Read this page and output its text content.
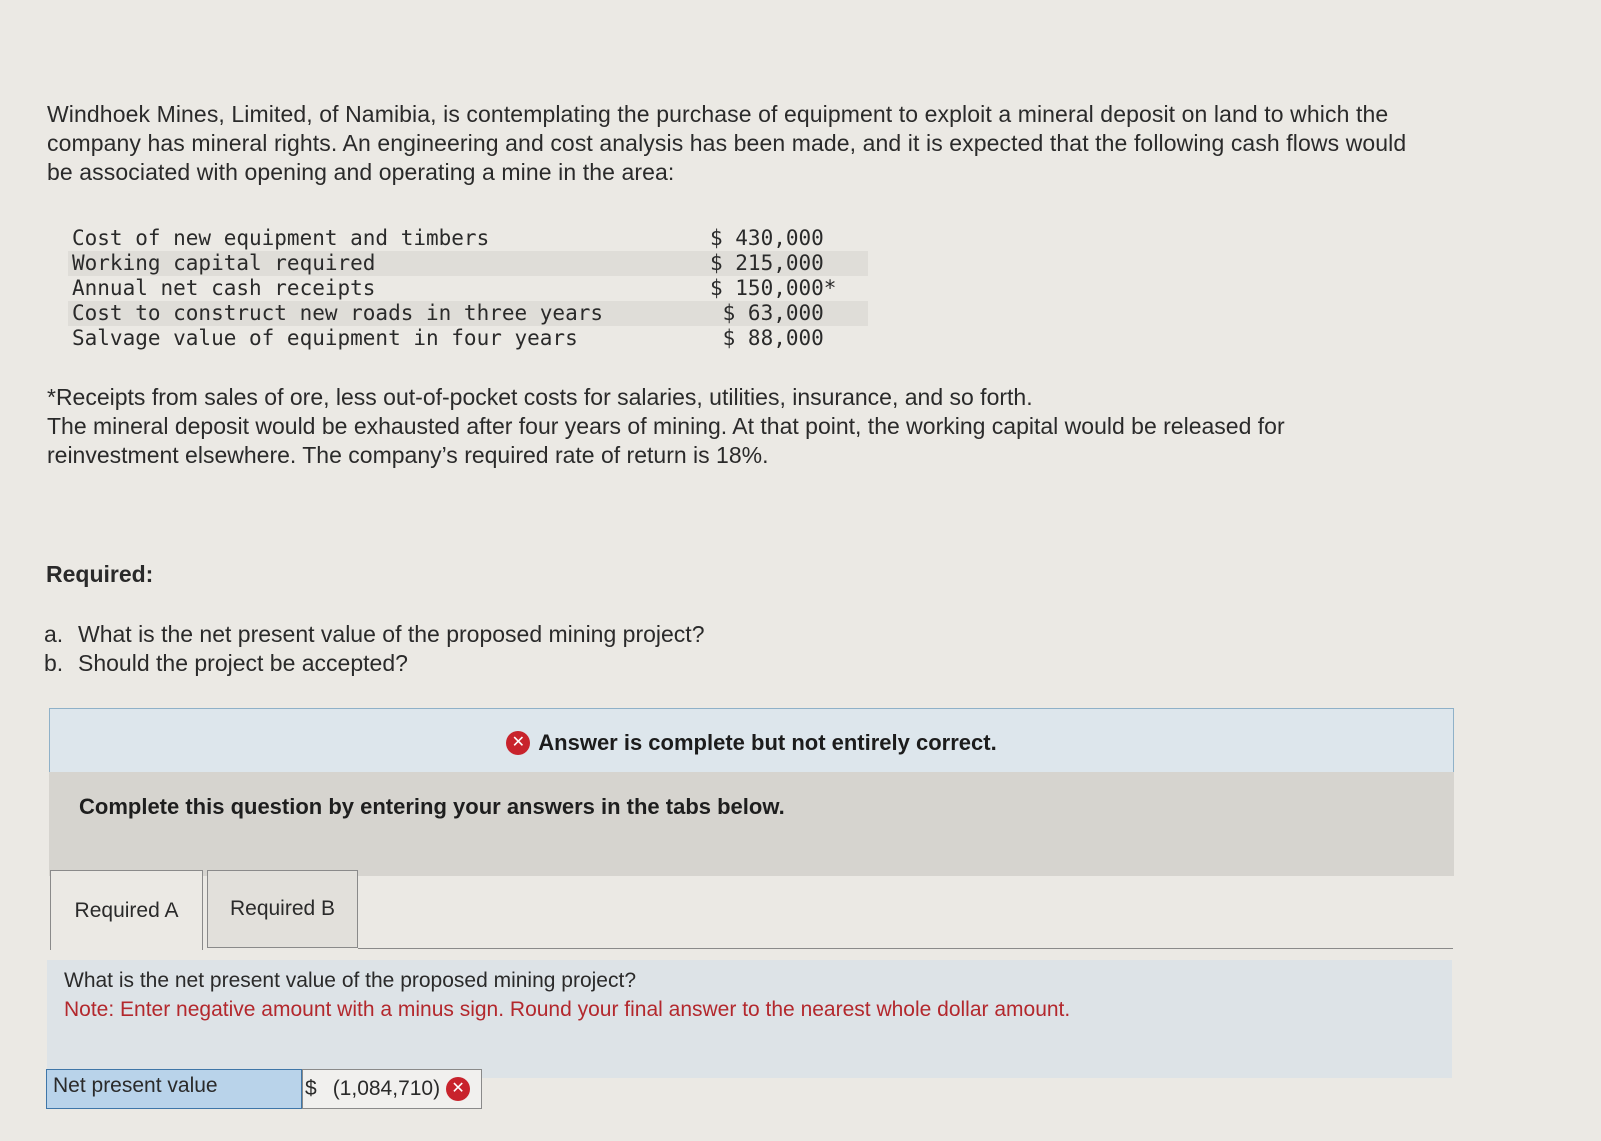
Windhoek Mines, Limited, of Namibia, is contemplating the purchase of equipment to exploit a mineral deposit on land to which the
company has mineral rights. An engineering and cost analysis has been made, and it is expected that the following cash flows would
be associated with opening and operating a mine in the area:
Cost of new equipment and timbers	$ 430,000
Working capital required	$ 215,000
Annual net cash receipts	$ 150,000*
Cost to construct new roads in three years	$ 63,000
Salvage value of equipment in four years	$ 88,000
*Receipts from sales of ore, less out-of-pocket costs for salaries, utilities, insurance, and so forth.
The mineral deposit would be exhausted after four years of mining. At that point, the working capital would be released for
reinvestment elsewhere. The company’s required rate of return is 18%.
Required:
a. What is the net present value of the proposed mining project?
b. Should the project be accepted?
✕ Answer is complete but not entirely correct.
Complete this question by entering your answers in the tabs below.
Required A Required B
What is the net present value of the proposed mining project?
Note: Enter negative amount with a minus sign. Round your final answer to the nearest whole dollar amount.
Net present value	$ (1,084,710) ✕
